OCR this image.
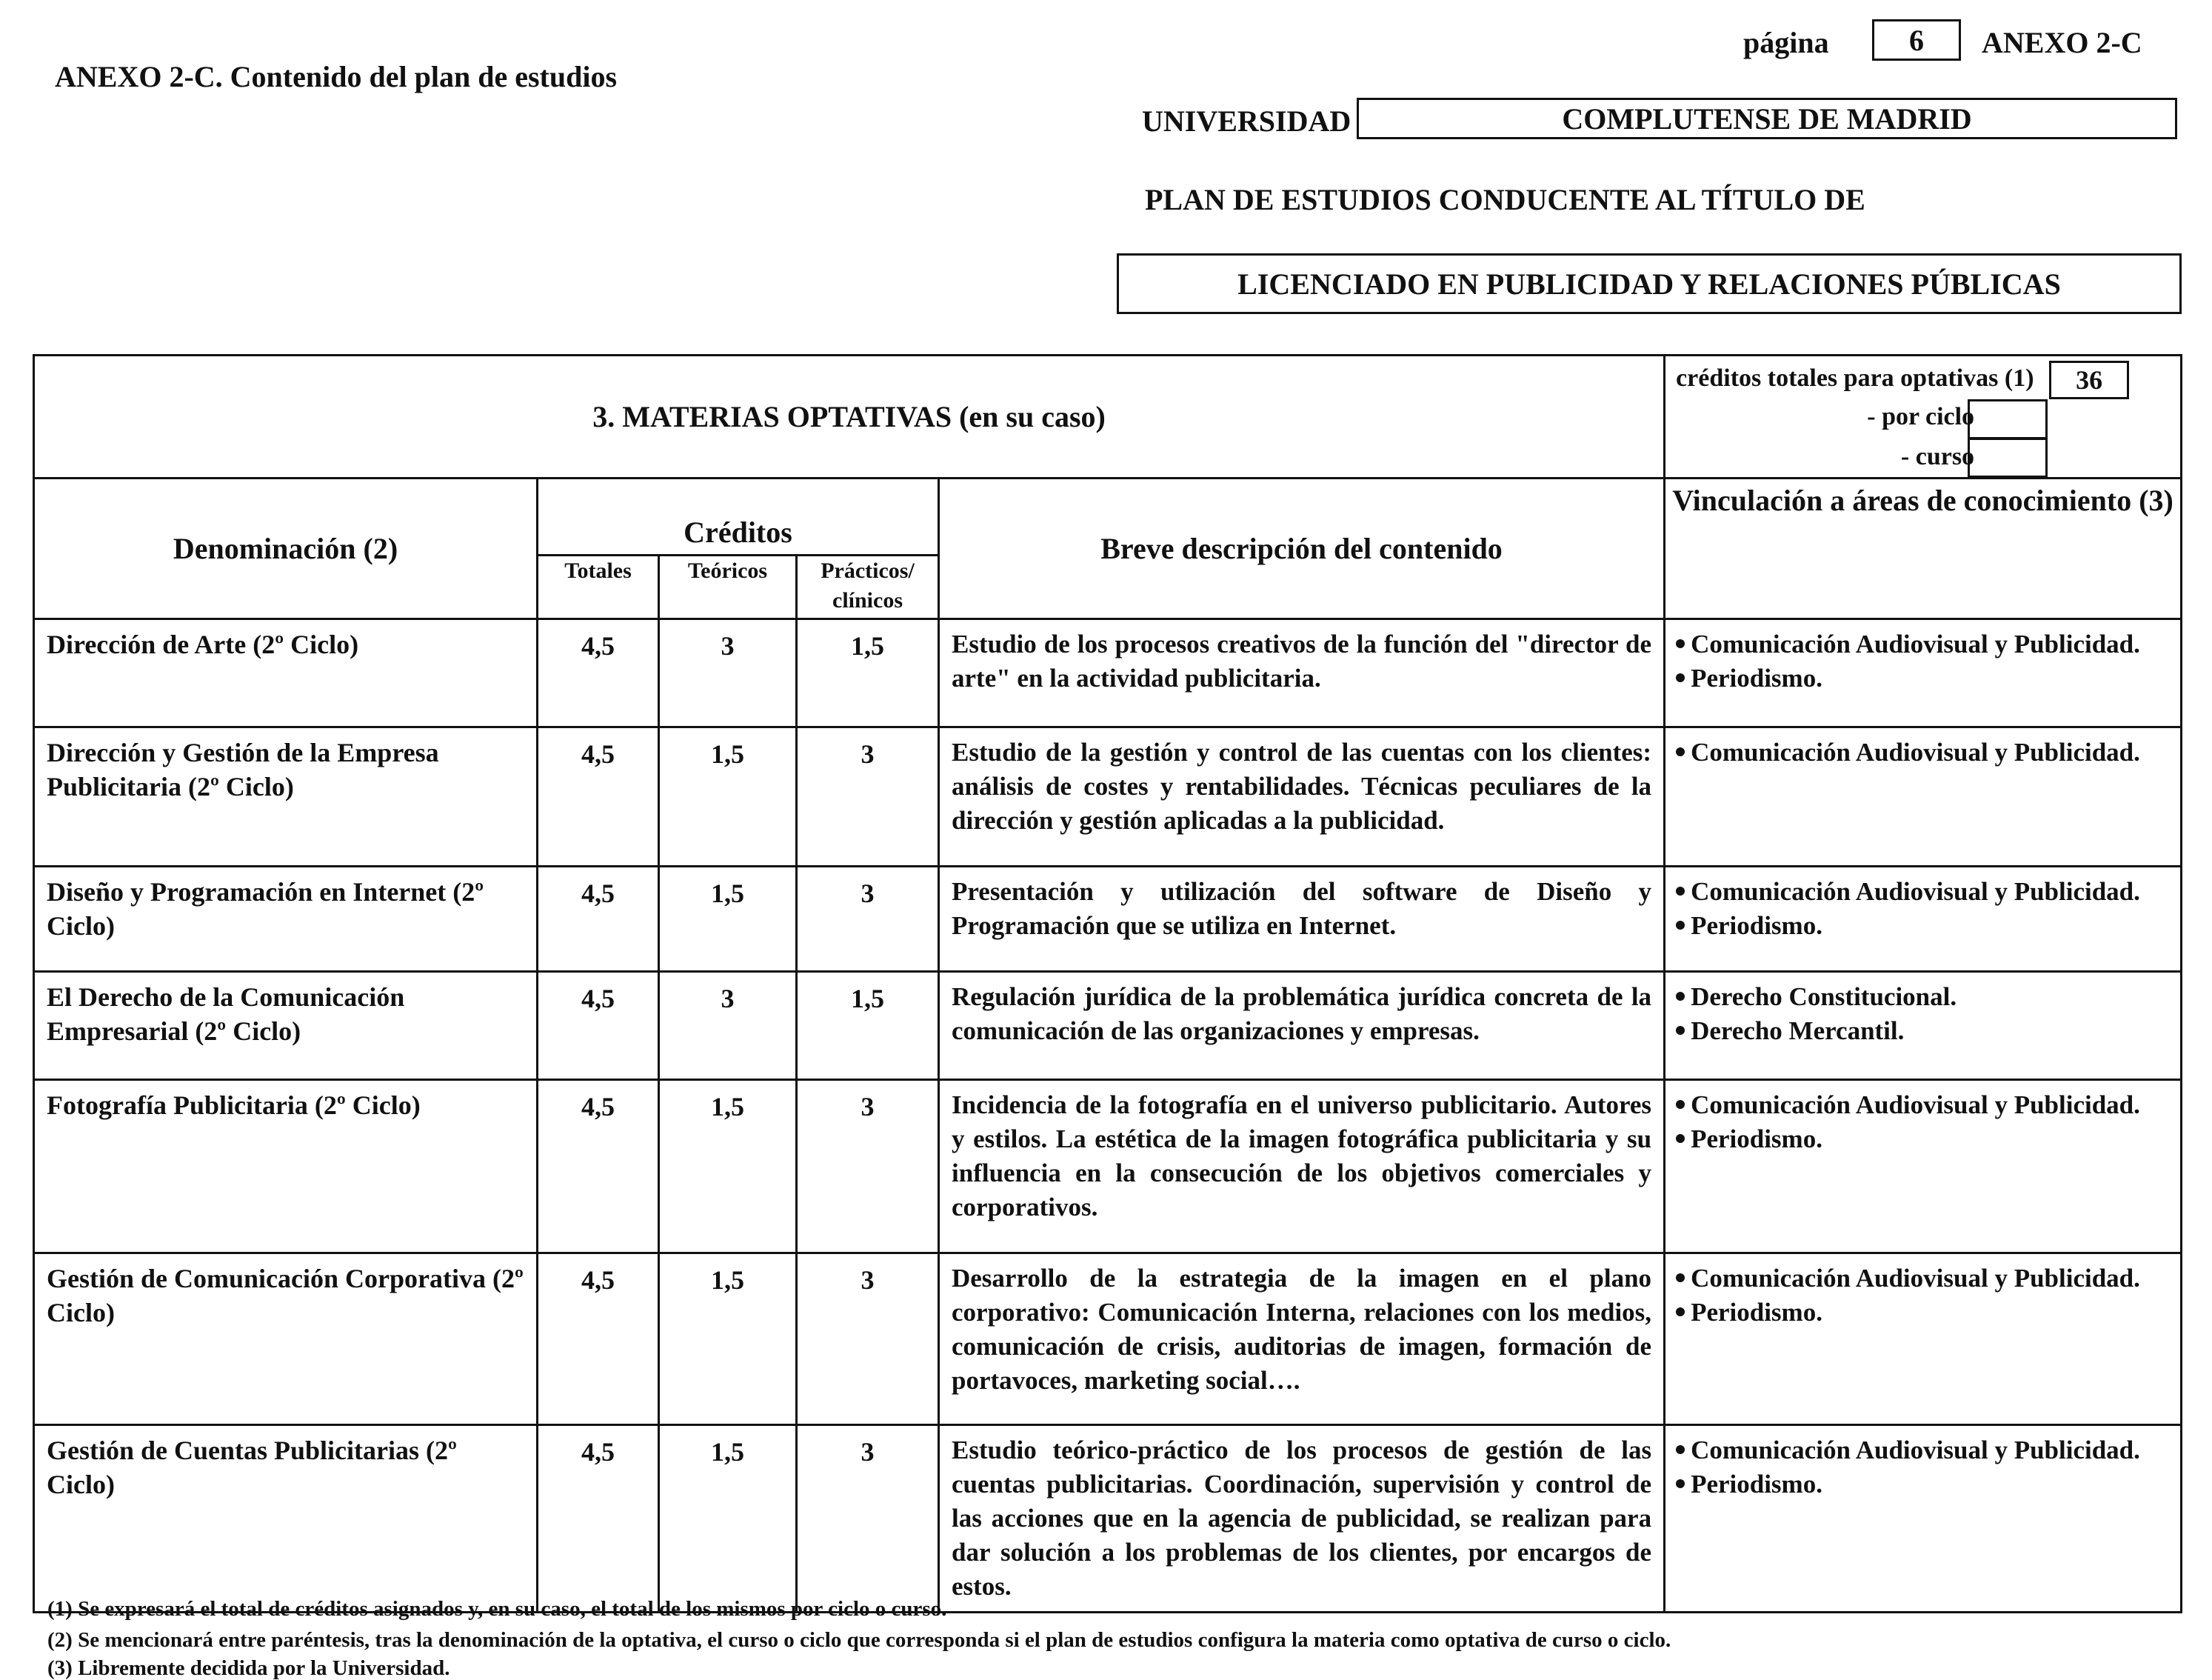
ANEXO 2-C. Contenido del plan de estudios
página	6 ANEXO 2-C
UNIVERSIDAD	COMPLUTENSE DE MADRID
PLAN DE ESTUDIOS CONDUCENTE AL TÍTULO DE
LICENCIADO EN PUBLICIDAD Y RELACIONES PÚBLICAS
3. MATERIAS OPTATIVAS (en su caso)					créditos totales para optativas (1) 36
- por ciclo
- curso

Denominación (2)	Créditos
Totales Teóricos Prácticos/
clínicos			Breve descripción del contenido	Vinculación a áreas de conocimiento (3)
Dirección de Arte (2º Ciclo)	4,5	3	1,5	Estudio de los procesos creativos de la función del "director de arte" en la actividad publicitaria.	Comunicación Audiovisual y Publicidad.
Periodismo.

Dirección y Gestión de la Empresa Publicitaria (2º Ciclo)	4,5	1,5	3	Estudio de la gestión y control de las cuentas con los clientes: análisis de costes y rentabilidades. Técnicas peculiares de la dirección y gestión aplicadas a la publicidad.	Comunicación Audiovisual y Publicidad.

Diseño y Programación en Internet (2º Ciclo)	4,5	1,5	3	Presentación y utilización del software de Diseño y Programación que se utiliza en Internet.	Comunicación Audiovisual y Publicidad.
Periodismo.

El Derecho de la Comunicación Empresarial (2º Ciclo)	4,5	3	1,5	Regulación jurídica de la problemática jurídica concreta de la comunicación de las organizaciones y empresas.	Derecho Constitucional.
Derecho Mercantil.

Fotografía Publicitaria (2º Ciclo)	4,5	1,5	3	Incidencia de la fotografía en el universo publicitario. Autores y estilos. La estética de la imagen fotográfica publicitaria y su influencia en la consecución de los objetivos comerciales y corporativos.	Comunicación Audiovisual y Publicidad.
Periodismo.

Gestión de Comunicación Corporativa (2º Ciclo)	4,5	1,5	3	Desarrollo de la estrategia de la imagen en el plano corporativo: Comunicación Interna, relaciones con los medios, comunicación de crisis, auditorias de imagen, formación de portavoces, marketing social….	Comunicación Audiovisual y Publicidad.
Periodismo.

Gestión de Cuentas Publicitarias (2º Ciclo)	4,5	1,5	3	Estudio teórico-práctico de los procesos de gestión de las cuentas publicitarias. Coordinación, supervisión y control de las acciones que en la agencia de publicidad, se realizan para dar solución a los problemas de los clientes, por encargos de estos.	Comunicación Audiovisual y Publicidad.
Periodismo.
(1) Se expresará el total de créditos asignados y, en su caso, el total de los mismos por ciclo o curso.
(2) Se mencionará entre paréntesis, tras la denominación de la optativa, el curso o ciclo que corresponda si el plan de estudios configura la materia como optativa de curso o ciclo.
(3) Libremente decidida por la Universidad.
